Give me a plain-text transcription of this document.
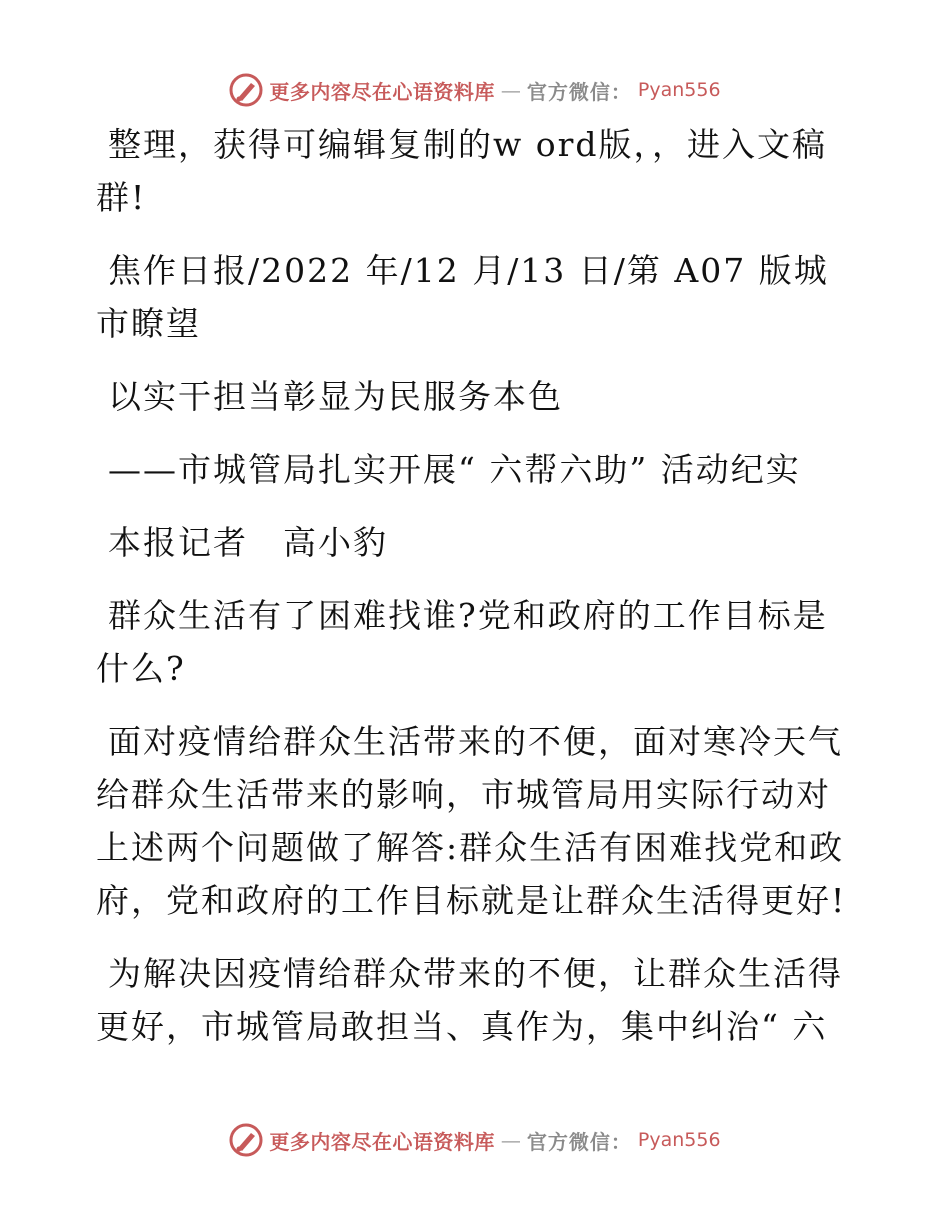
更多内容尽在心语资料库 — 官方微信： Pyan556

整理，获得可编辑复制的w ord版，，进入文稿群!

焦作日报/2022 年/12 月/13 日/第 A07 版城市瞭望

以实干担当彰显为民服务本色

——市城管局扎实开展“ 六帮六助” 活动纪实

本报记者　高小豹

群众生活有了困难找谁?党和政府的工作目标是什么?

面对疫情给群众生活带来的不便，面对寒冷天气给群众生活带来的影响，市城管局用实际行动对上述两个问题做了解答:群众生活有困难找党和政府，党和政府的工作目标就是让群众生活得更好!

为解决因疫情给群众带来的不便，让群众生活得更好，市城管局敢担当、真作为，集中纠治“ 六

更多内容尽在心语资料库 — 官方微信： Pyan556
